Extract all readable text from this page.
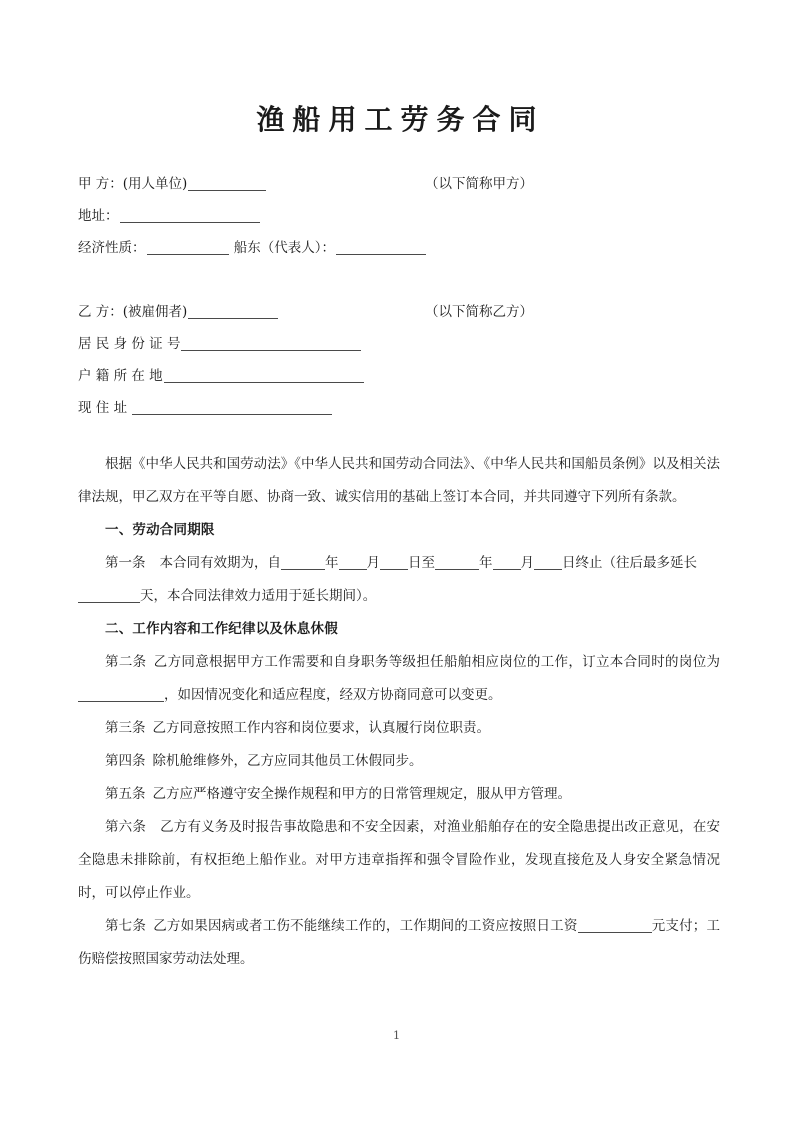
渔船用工劳务合同
甲 方：(用人单位)	（以下简称甲方）
地址：
经济性质：	船东（代表人）：
乙 方：(被雇佣者)	（以下简称乙方）
居 民 身 份 证 号
户 籍 所 在 地
现 住 址

根据《中华人民共和国劳动法》《中华人民共和国劳动合同法》、《中华人民共和国船员条例》以及相关法律法规，甲乙双方在平等自愿、协商一致、诚实信用的基础上签订本合同，并共同遵守下列所有条款。

一、劳动合同期限

第一条 本合同有效期为，自	年 月 日至	年 月 日终止（往后最多延长

天，本合同法律效力适用于延长期间）。

二、工作内容和工作纪律以及休息休假

第二条 乙方同意根据甲方工作需要和自身职务等级担任船舶相应岗位的工作，订立本合同时的岗位为，如因情况变化和适应程度，经双方协商同意可以变更。

第三条 乙方同意按照工作内容和岗位要求，认真履行岗位职责。

第四条 除机舱维修外，乙方应同其他员工休假同步。

第五条 乙方应严格遵守安全操作规程和甲方的日常管理规定，服从甲方管理。

第六条 乙方有义务及时报告事故隐患和不安全因素，对渔业船舶存在的安全隐患提出改正意见，在安全隐患未排除前，有权拒绝上船作业。对甲方违章指挥和强令冒险作业，发现直接危及人身安全紧急情况时，可以停止作业。

第七条 乙方如果因病或者工伤不能继续工作的，工作期间的工资应按照日工资	元支付；工伤赔偿按照国家劳动法处理。

1
